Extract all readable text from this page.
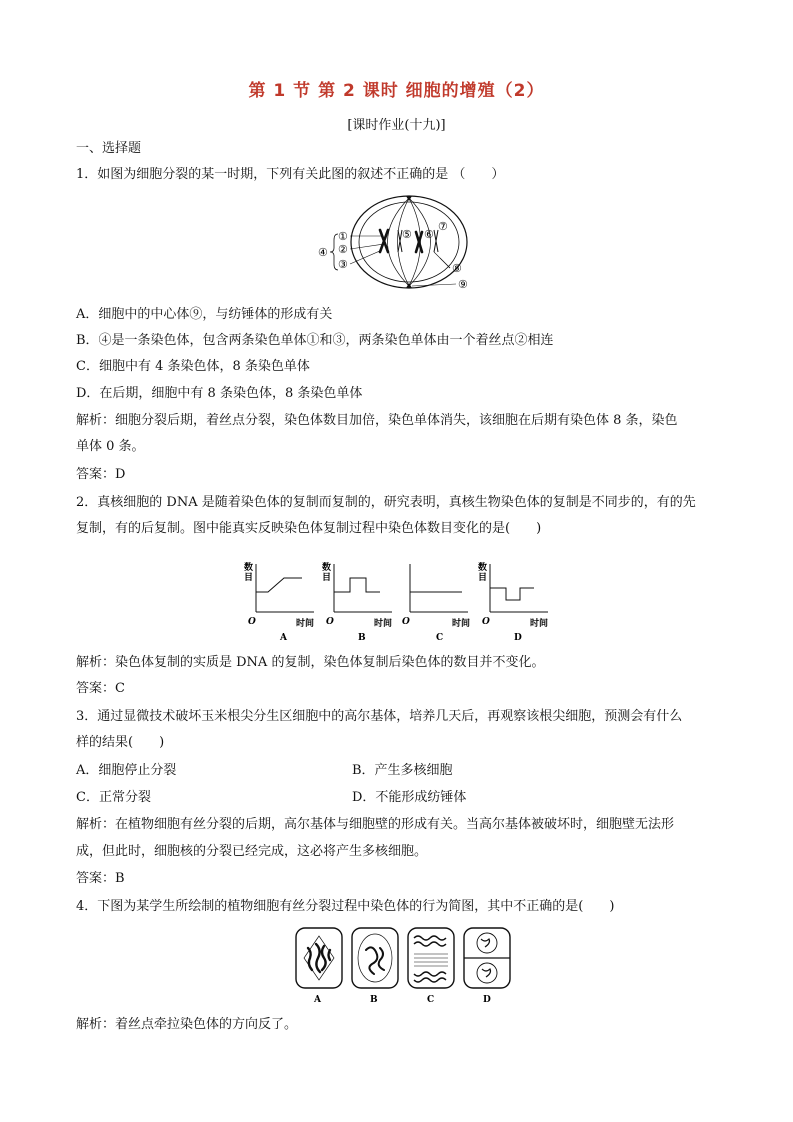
第 1 节 第 2 课时 细胞的增殖（2）
[课时作业(十九)]
一、选择题
1．如图为细胞分裂的某一时期，下列有关此图的叙述不正确的是 （　　）
①
②
③
④
⑤ ⑥
⑦
⑧
⑨
A．细胞中的中心体⑨，与纺锤体的形成有关
B．④是一条染色体，包含两条染色单体①和③，两条染色单体由一个着丝点②相连
C．细胞中有 4 条染色体，8 条染色单体
D．在后期，细胞中有 8 条染色体，8 条染色单体
解析：细胞分裂后期，着丝点分裂，染色体数目加倍，染色单体消失，该细胞在后期有染色体 8 条，染色
单体 0 条。
答案：D
2．真核细胞的 DNA 是随着染色体的复制而复制的，研究表明，真核生物染色体的复制是不同步的，有的先
复制，有的后复制。图中能真实反映染色体复制过程中染色体数目变化的是(　　)
数
目
O	时间
A
数
目
O	时间
B
O	时间
C
数
目
O	时间
D
解析：染色体复制的实质是 DNA 的复制，染色体复制后染色体的数目并不变化。
答案：C
3．通过显微技术破坏玉米根尖分生区细胞中的高尔基体，培养几天后，再观察该根尖细胞，预测会有什么
样的结果(　　)
A．细胞停止分裂	B．产生多核细胞
C．正常分裂	D．不能形成纺锤体
解析：在植物细胞有丝分裂的后期，高尔基体与细胞壁的形成有关。当高尔基体被破坏时，细胞壁无法形
成，但此时，细胞核的分裂已经完成，这必将产生多核细胞。
答案：B
4．下图为某学生所绘制的植物细胞有丝分裂过程中染色体的行为简图，其中不正确的是(　　)
A	B	C	D
解析：着丝点牵拉染色体的方向反了。
